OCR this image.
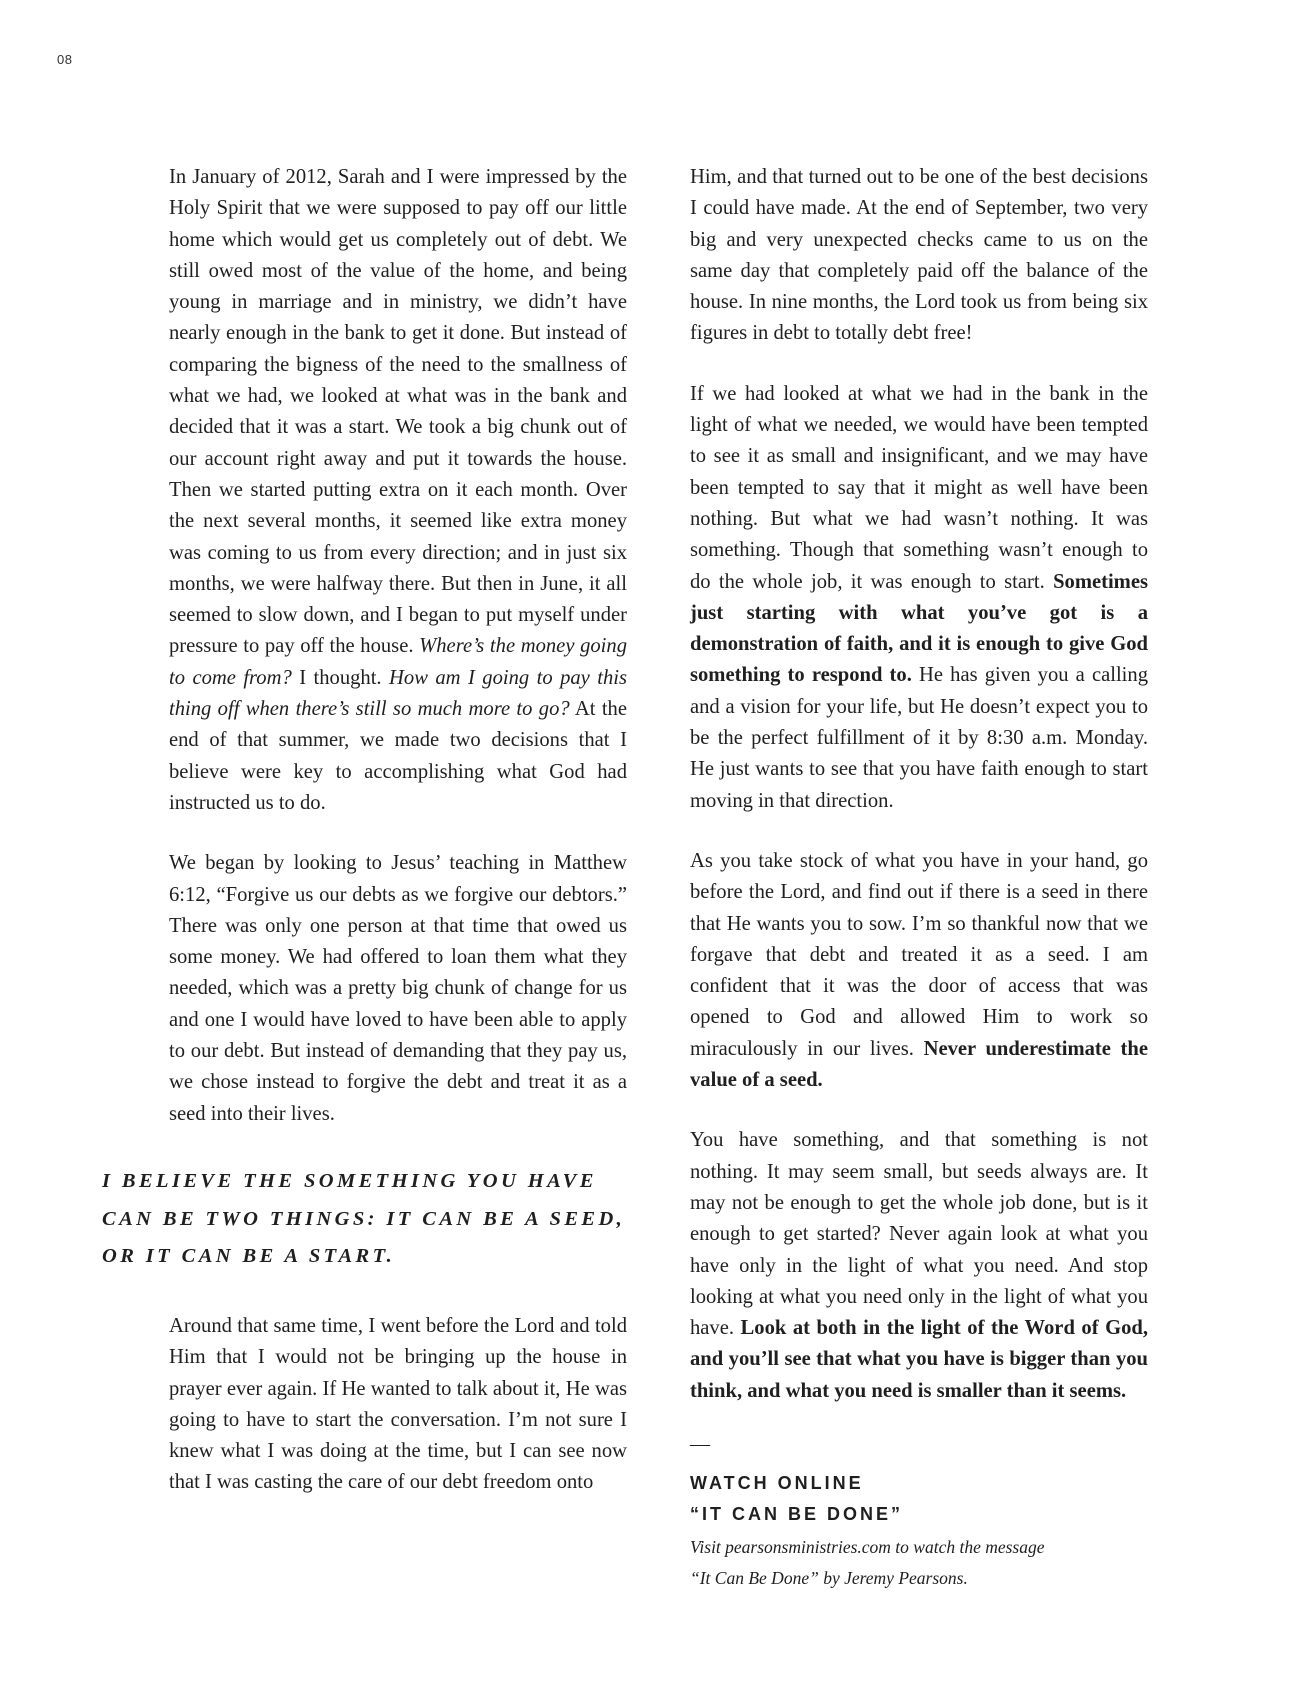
08

In January of 2012, Sarah and I were impressed by the Holy Spirit that we were supposed to pay off our little home which would get us completely out of debt. We still owed most of the value of the home, and being young in marriage and in ministry, we didn’t have nearly enough in the bank to get it done. But instead of comparing the bigness of the need to the smallness of what we had, we looked at what was in the bank and decided that it was a start. We took a big chunk out of our account right away and put it towards the house. Then we started putting extra on it each month. Over the next several months, it seemed like extra money was coming to us from every direction; and in just six months, we were halfway there. But then in June, it all seemed to slow down, and I began to put myself under pressure to pay off the house. Where’s the money going to come from? I thought. How am I going to pay this thing off when there’s still so much more to go? At the end of that summer, we made two decisions that I believe were key to accomplishing what God had instructed us to do.

We began by looking to Jesus’ teaching in Matthew 6:12, “Forgive us our debts as we forgive our debtors.” There was only one person at that time that owed us some money. We had offered to loan them what they needed, which was a pretty big chunk of change for us and one I would have loved to have been able to apply to our debt. But instead of demanding that they pay us, we chose instead to forgive the debt and treat it as a seed into their lives.

I BELIEVE THE SOMETHING YOU HAVE
CAN BE TWO THINGS: IT CAN BE A SEED,
OR IT CAN BE A START.

Around that same time, I went before the Lord and told Him that I would not be bringing up the house in prayer ever again. If He wanted to talk about it, He was going to have to start the conversation. I’m not sure I knew what I was doing at the time, but I can see now that I was casting the care of our debt freedom onto

Him, and that turned out to be one of the best decisions I could have made. At the end of September, two very big and very unexpected checks came to us on the same day that completely paid off the balance of the house. In nine months, the Lord took us from being six figures in debt to totally debt free!

If we had looked at what we had in the bank in the light of what we needed, we would have been tempted to see it as small and insignificant, and we may have been tempted to say that it might as well have been nothing. But what we had wasn’t nothing. It was something. Though that something wasn’t enough to do the whole job, it was enough to start. Sometimes just starting with what you’ve got is a demonstration of faith, and it is enough to give God something to respond to. He has given you a calling and a vision for your life, but He doesn’t expect you to be the perfect fulfillment of it by 8:30 a.m. Monday. He just wants to see that you have faith enough to start moving in that direction.

As you take stock of what you have in your hand, go before the Lord, and find out if there is a seed in there that He wants you to sow. I’m so thankful now that we forgave that debt and treated it as a seed. I am confident that it was the door of access that was opened to God and allowed Him to work so miraculously in our lives. Never underestimate the value of a seed.

You have something, and that something is not nothing. It may seem small, but seeds always are. It may not be enough to get the whole job done, but is it enough to get started? Never again look at what you have only in the light of what you need. And stop looking at what you need only in the light of what you have. Look at both in the light of the Word of God, and you’ll see that what you have is bigger than you think, and what you need is smaller than it seems.

—
WATCH ONLINE
“IT CAN BE DONE”
Visit pearsonsministries.com to watch the message
“It Can Be Done” by Jeremy Pearsons.
